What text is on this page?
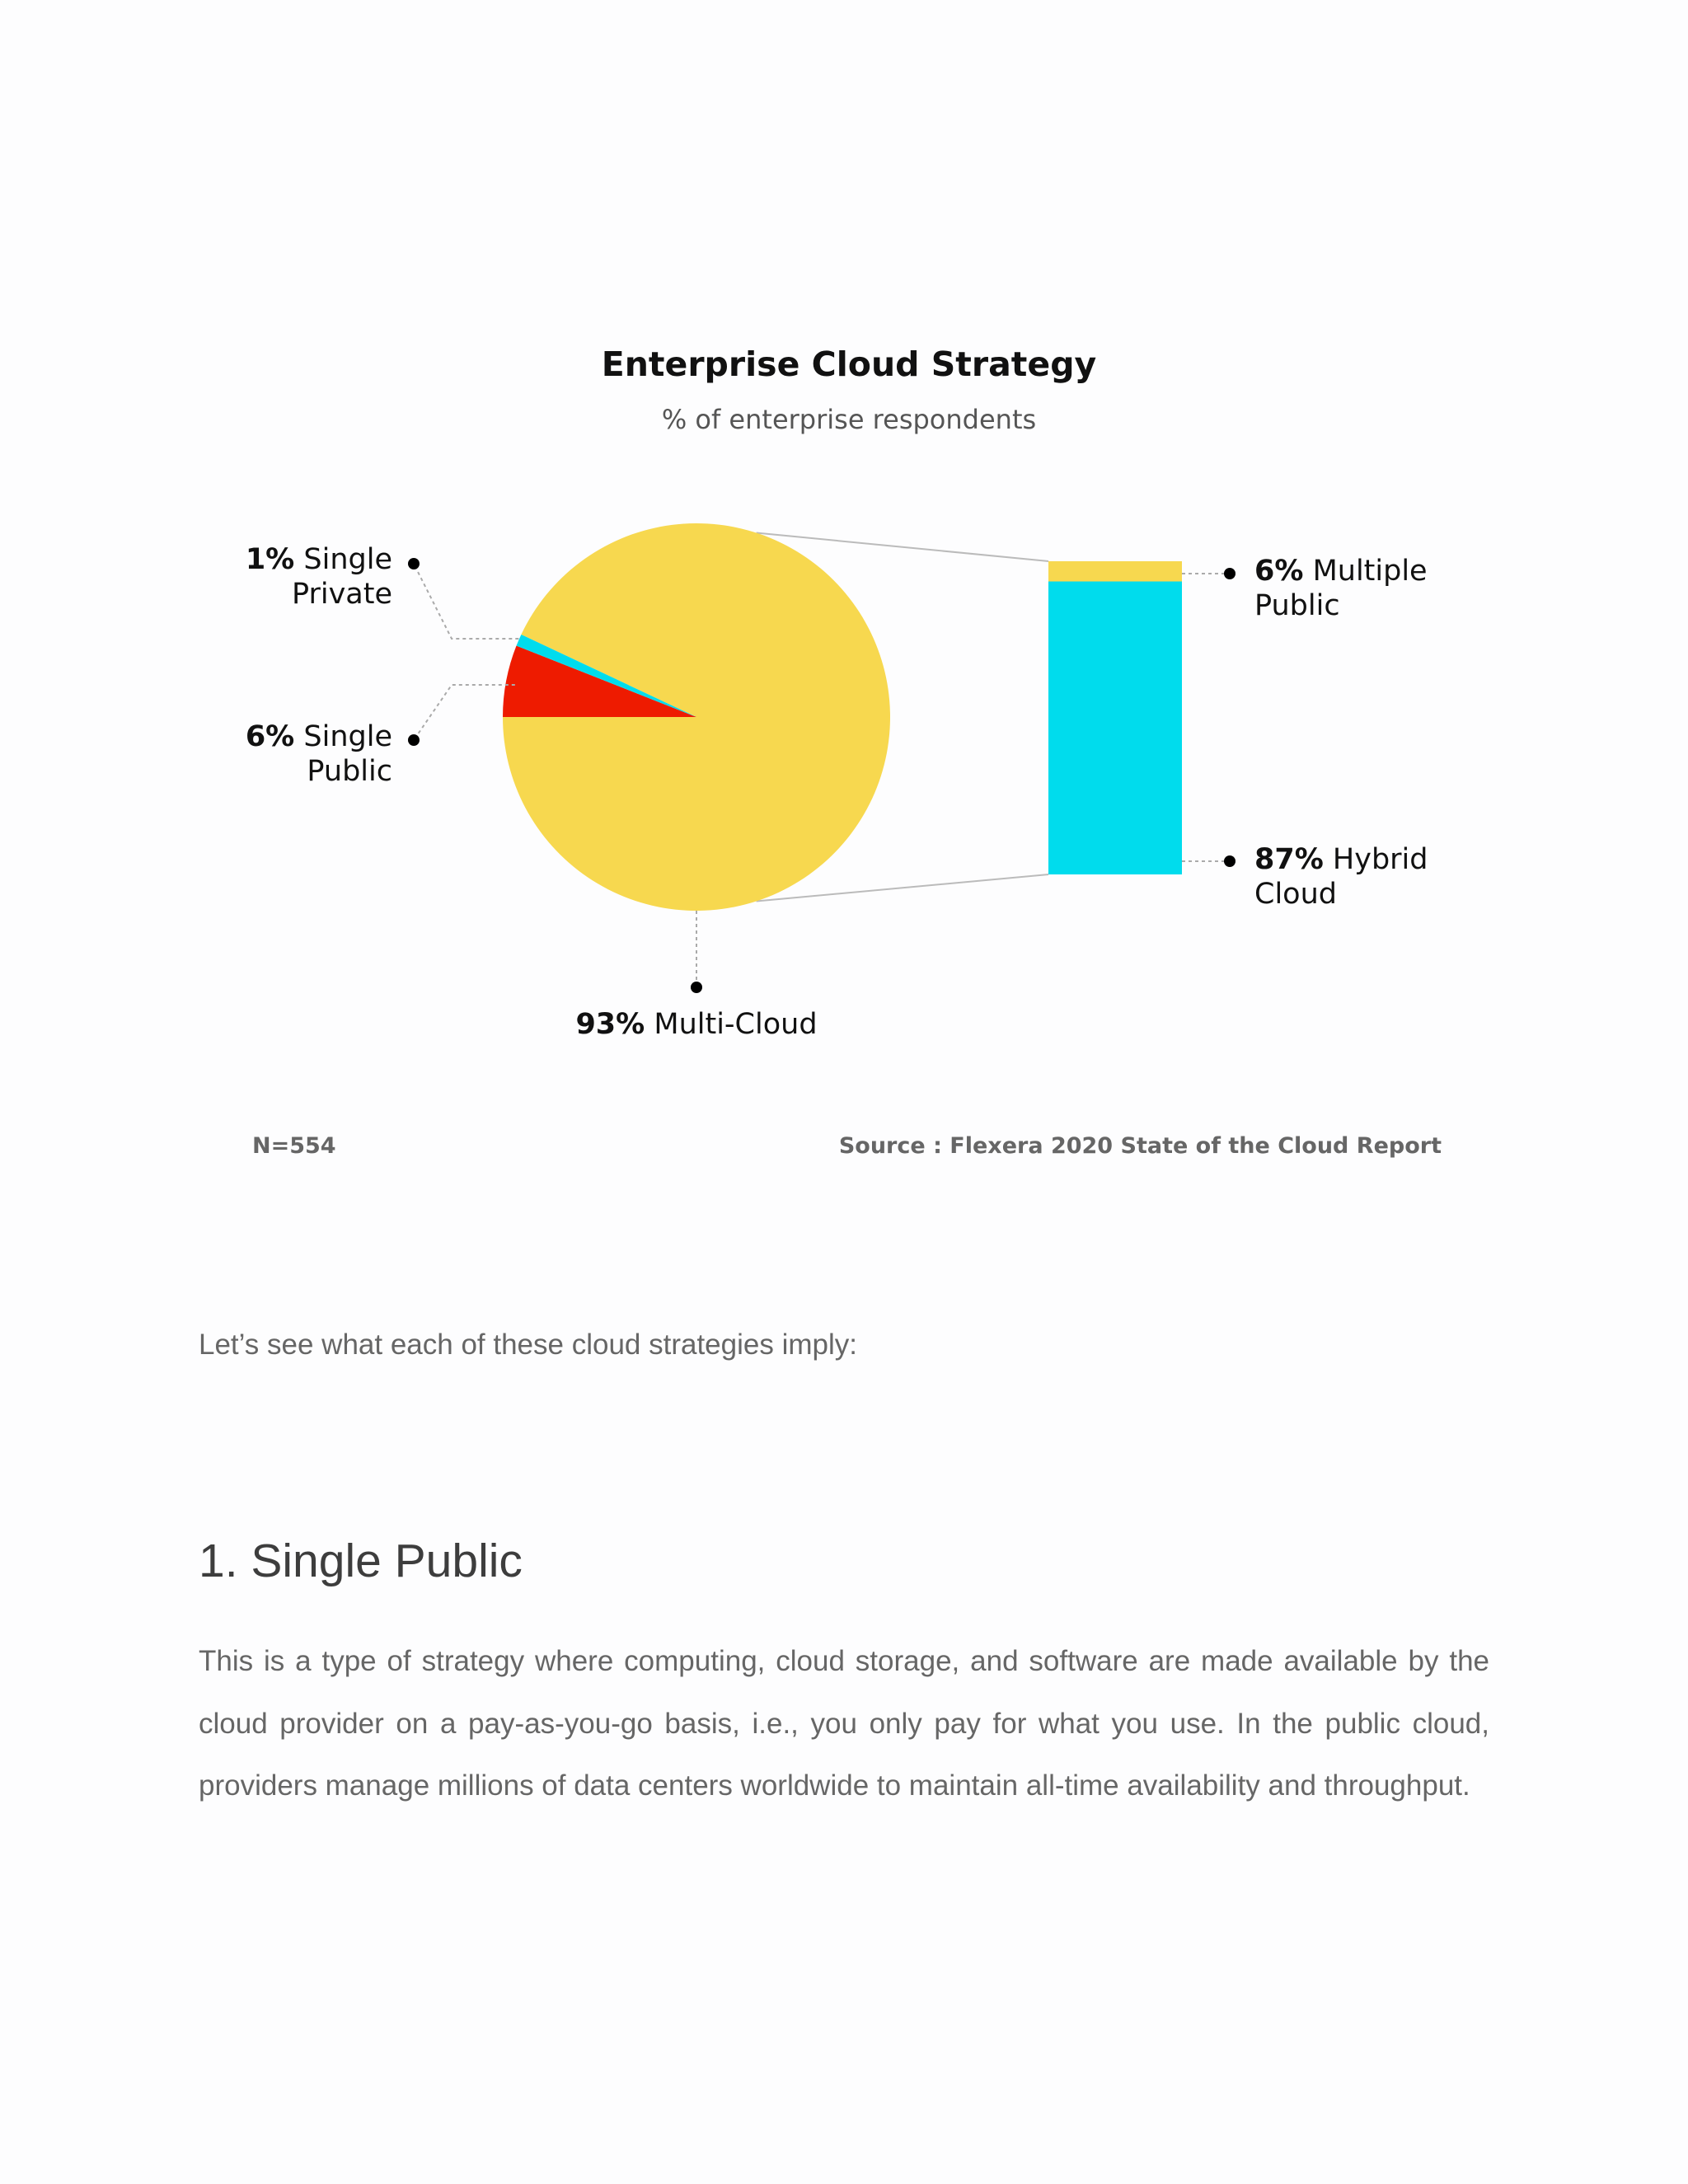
Enterprise Cloud Strategy
% of enterprise respondents
1% Single
Private
6% Single
Public
93% Multi-Cloud
6% Multiple
Public
87% Hybrid
Cloud
N=554	Source : Flexera 2020 State of the Cloud Report

Let’s see what each of these cloud strategies imply:

1. Single Public

This is a type of strategy where computing, cloud storage, and software are made available by the cloud provider on a pay-as-you-go basis, i.e., you only pay for what you use. In the public cloud, providers manage millions of data centers worldwide to maintain all-time availability and throughput.
